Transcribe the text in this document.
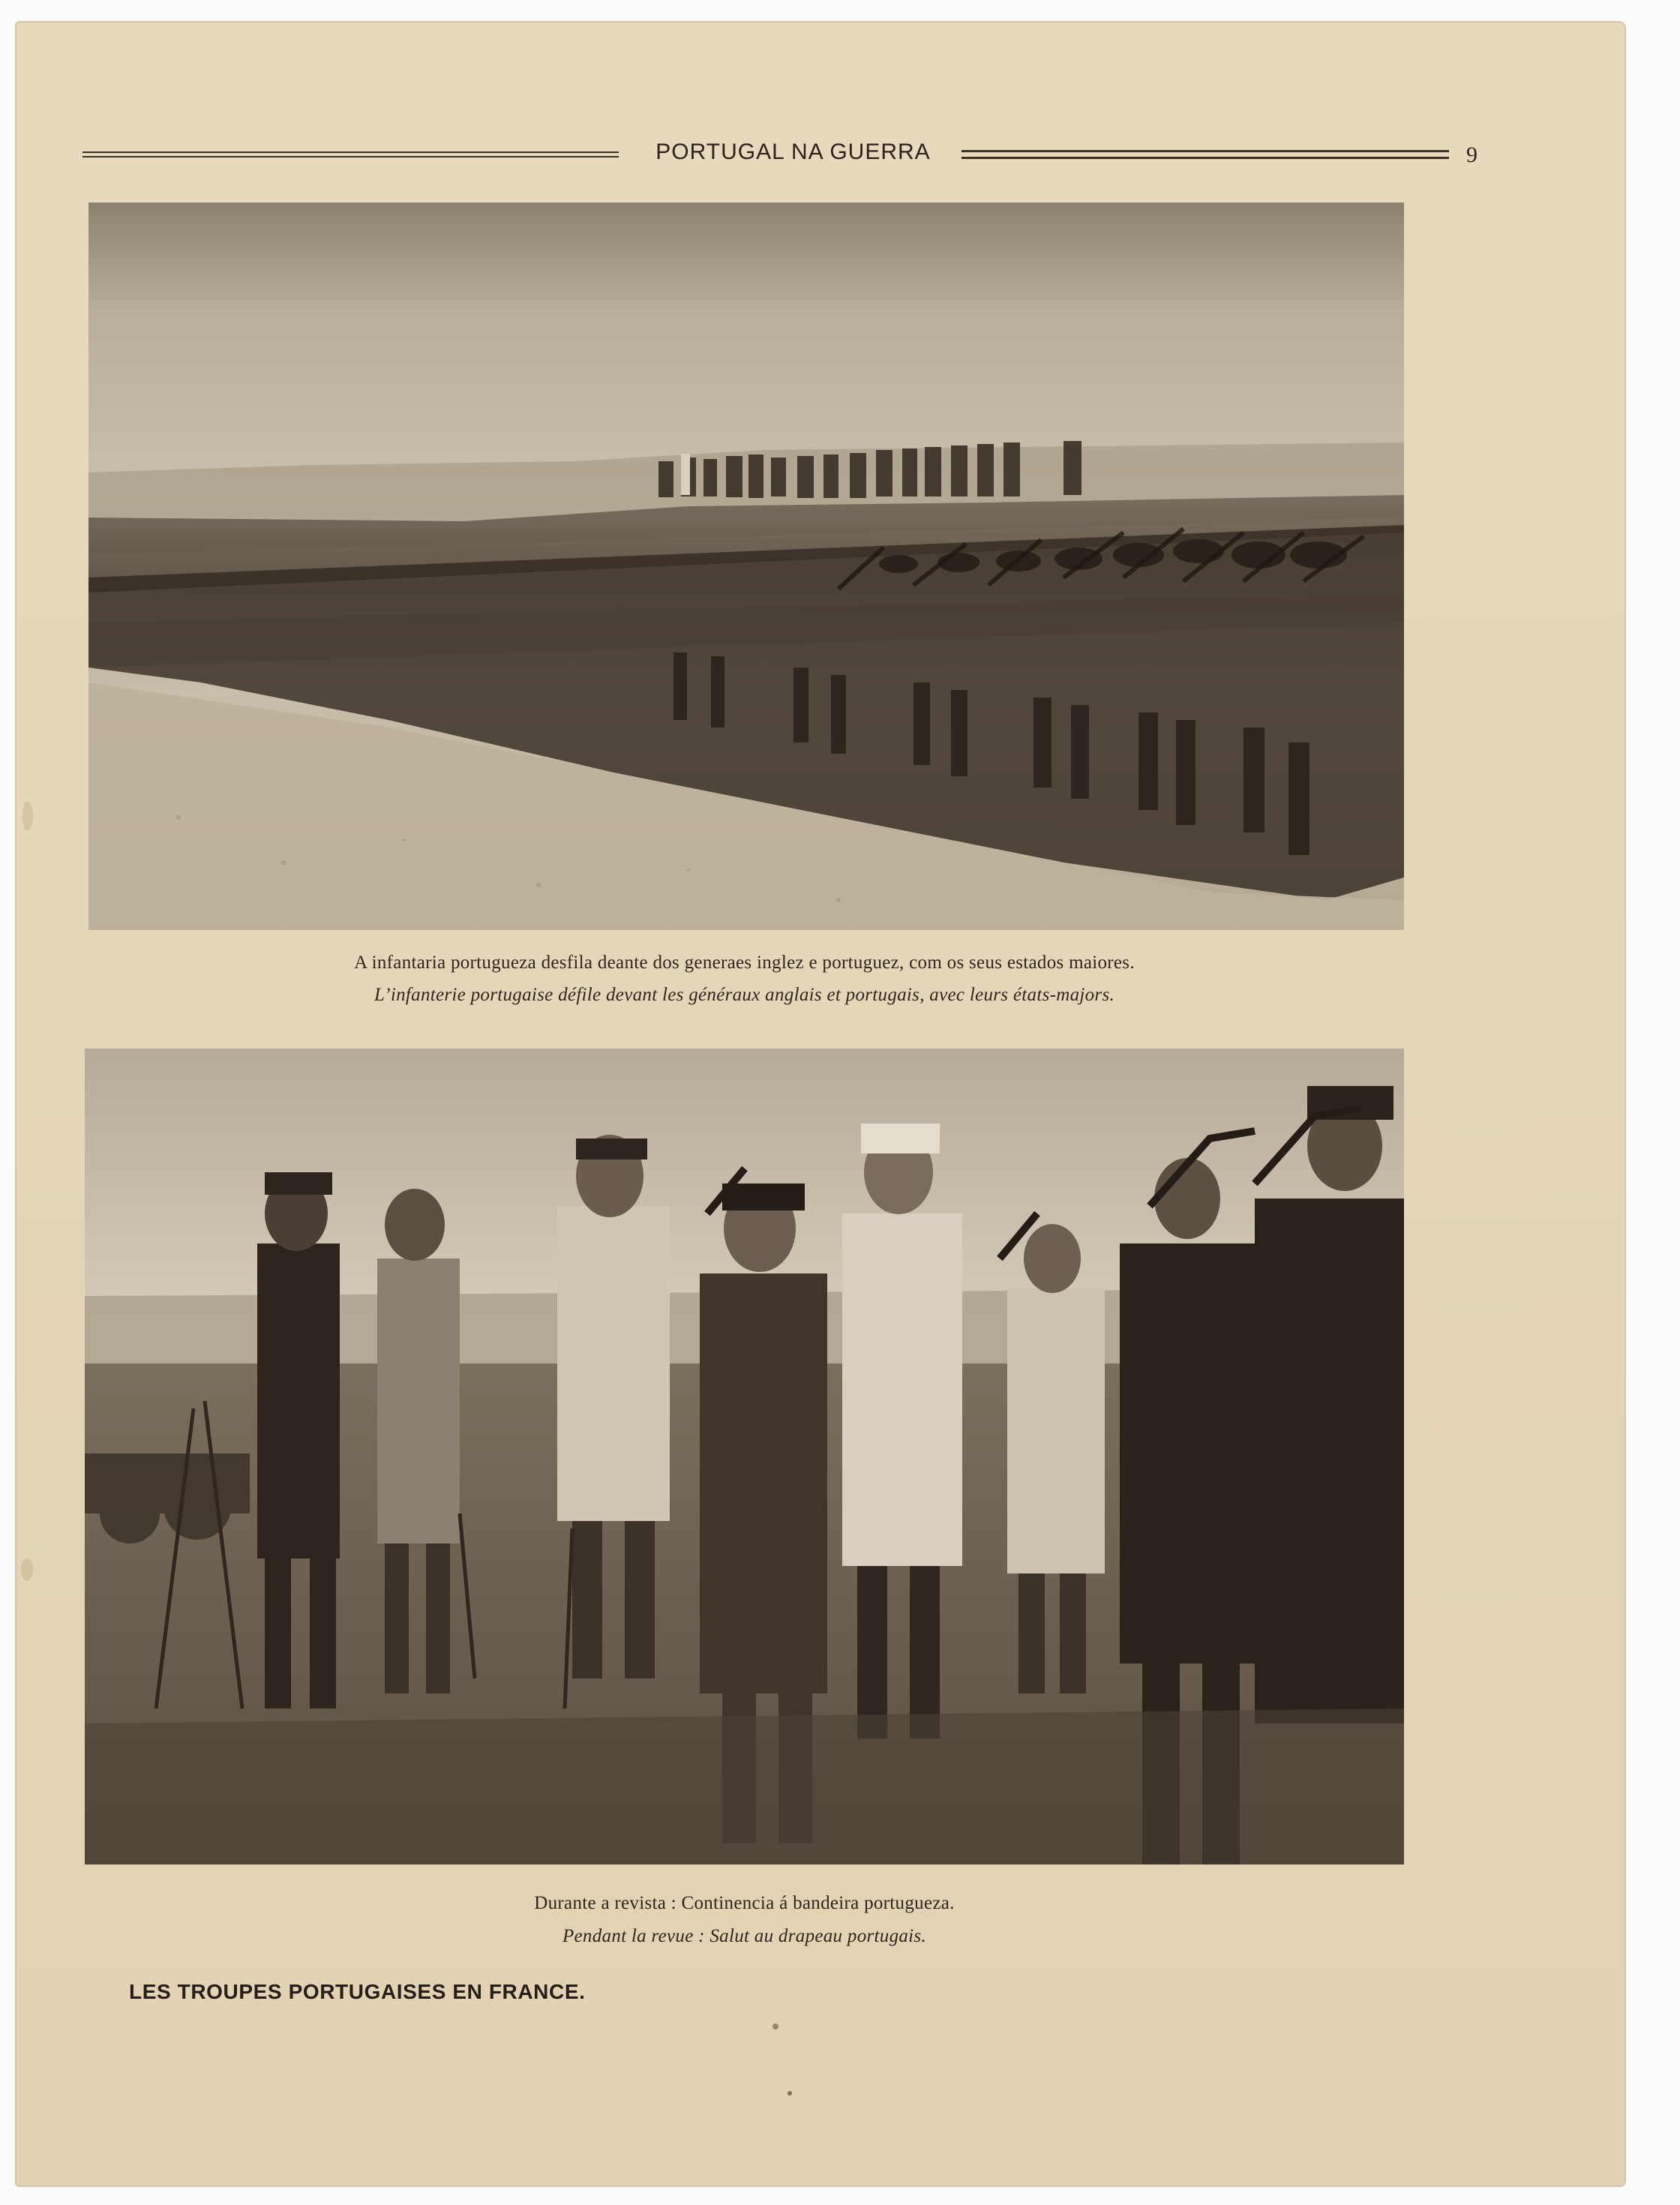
PORTUGAL NA GUERRA	9
A infantaria portugueza desfila deante dos generaes inglez e portuguez, com os seus estados maiores.
L’infanterie portugaise défile devant les généraux anglais et portugais, avec leurs états-majors.
Durante a revista : Continencia á bandeira portugueza.
Pendant la revue : Salut au drapeau portugais.
LES TROUPES PORTUGAISES EN FRANCE.
